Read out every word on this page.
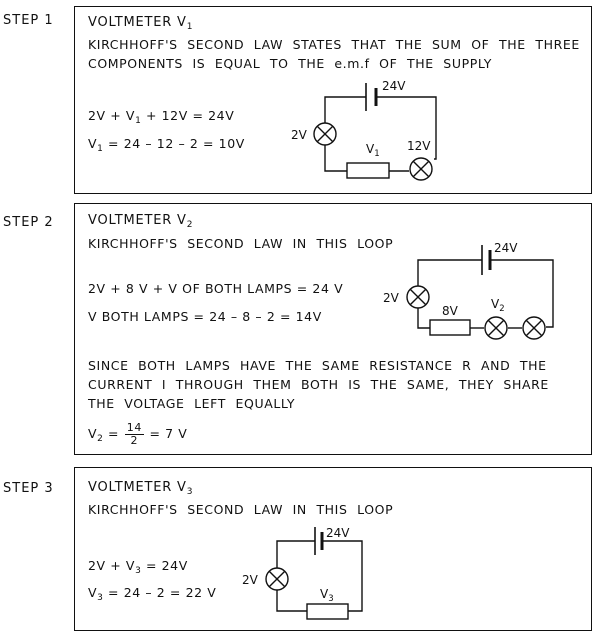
STEP 1	VOLTMETER $V_1$
KIRCHHOFF'S SECOND LAW STATES THAT THE SUM OF THE THREE
COMPONENTS IS EQUAL TO THE e.m.f OF THE SUPPLY
$2V + V_1 + 12V = 24V$
$V_1 = 24 - 12 - 2 = 10V$
24V
2V
$V_1$
12V
STEP 2	VOLTMETER $V_2$
KIRCHHOFF'S SECOND LAW IN THIS LOOP
2V + 8 V + V OF BOTH LAMPS = 24 V
V BOTH LAMPS = 24 – 8 – 2 = 14V
SINCE BOTH LAMPS HAVE THE SAME RESISTANCE R AND THE
CURRENT I THROUGH THEM BOTH IS THE SAME, THEY SHARE
THE VOLTAGE LEFT EQUALLY
$V_2 = \frac{14}{2} = 7$ V
24V
2V
8V	$V_2$
STEP 3	VOLTMETER $V_3$
KIRCHHOFF'S SECOND LAW IN THIS LOOP
$2V + V_3 = 24V$
$V_3 = 24 - 2 = 22$ V
24V
2V
$V_3$
